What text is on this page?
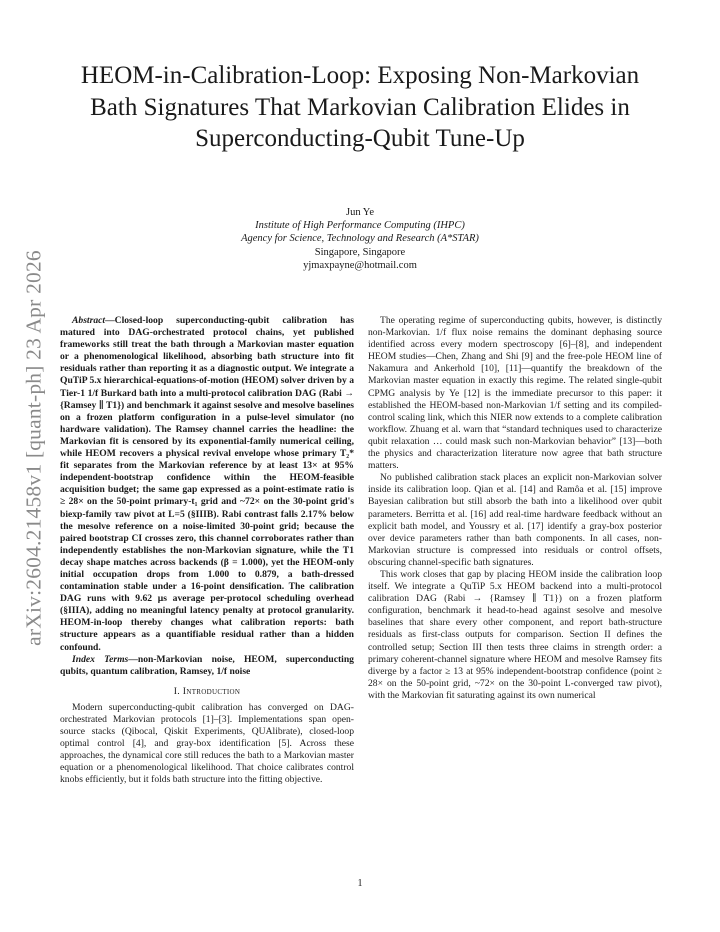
arXiv:2604.21458v1 [quant-ph] 23 Apr 2026
HEOM-in-Calibration-Loop: Exposing Non-Markovian Bath Signatures That Markovian Calibration Elides in Superconducting-Qubit Tune-Up
Jun Ye
Institute of High Performance Computing (IHPC)
Agency for Science, Technology and Research (A*STAR)
Singapore, Singapore
yjmaxpayne@hotmail.com

Abstract—Closed-loop superconducting-qubit calibration has matured into DAG-orchestrated protocol chains, yet published frameworks still treat the bath through a Markovian master equation or a phenomenological likelihood, absorbing bath structure into fit residuals rather than reporting it as a diagnostic output. We integrate a QuTiP 5.x hierarchical-equations-of-motion (HEOM) solver driven by a Tier-1 1/f Burkard bath into a multi-protocol calibration DAG (Rabi → {Ramsey ∥ T1}) and benchmark it against sesolve and mesolve baselines on a frozen platform configuration in a pulse-level simulator (no hardware validation). The Ramsey channel carries the headline: the Markovian fit is censored by its exponential-family numerical ceiling, while HEOM recovers a physical revival envelope whose primary T₂* fit separates from the Markovian reference by at least 13× at 95% independent-bootstrap confidence within the HEOM-feasible acquisition budget; the same gap expressed as a point-estimate ratio is ≥ 28× on the 50-point primary-t₁ grid and ~72× on the 30-point grid's biexp-family τaw pivot at L=5 (§IIIB). Rabi contrast falls 2.17% below the mesolve reference on a noise-limited 30-point grid; because the paired bootstrap CI crosses zero, this channel corroborates rather than independently establishes the non-Markovian signature, while the T1 decay shape matches across backends (β = 1.000), yet the HEOM-only initial occupation drops from 1.000 to 0.879, a bath-dressed contamination stable under a 16-point densification. The calibration DAG runs with 9.62 μs average per-protocol scheduling overhead (§IIIA), adding no meaningful latency penalty at protocol granularity. HEOM-in-loop thereby changes what calibration reports: bath structure appears as a quantifiable residual rather than a hidden confound.

Index Terms—non-Markovian noise, HEOM, superconducting qubits, quantum calibration, Ramsey, 1/f noise

I. Introduction

Modern superconducting-qubit calibration has converged on DAG-orchestrated Markovian protocols [1]–[3]. Implementations span open-source stacks (Qibocal, Qiskit Experiments, QUAlibrate), closed-loop optimal control [4], and gray-box identification [5]. Across these approaches, the dynamical core still reduces the bath to a Markovian master equation or a phenomenological likelihood. That choice calibrates control knobs efficiently, but it folds bath structure into the fitting objective.

The operating regime of superconducting qubits, however, is distinctly non-Markovian. 1/f flux noise remains the dominant dephasing source identified across every modern spectroscopy [6]–[8], and independent HEOM studies—Chen, Zhang and Shi [9] and the free-pole HEOM line of Nakamura and Ankerhold [10], [11]—quantify the breakdown of the Markovian master equation in exactly this regime. The related single-qubit CPMG analysis by Ye [12] is the immediate precursor to this paper: it established the HEOM-based non-Markovian 1/f setting and its compiled-control scaling link, which this NIER now extends to a complete calibration workflow. Zhuang et al. warn that “standard techniques used to characterize qubit relaxation … could mask such non-Markovian behavior” [13]—both the physics and characterization literature now agree that bath structure matters.

No published calibration stack places an explicit non-Markovian solver inside its calibration loop. Qian et al. [14] and Ramôa et al. [15] improve Bayesian calibration but still absorb the bath into a likelihood over qubit parameters. Berritta et al. [16] add real-time hardware feedback without an explicit bath model, and Youssry et al. [17] identify a gray-box posterior over device parameters rather than bath components. In all cases, non-Markovian structure is compressed into residuals or control offsets, obscuring channel-specific bath signatures.

This work closes that gap by placing HEOM inside the calibration loop itself. We integrate a QuTiP 5.x HEOM backend into a multi-protocol calibration DAG (Rabi → {Ramsey ∥ T1}) on a frozen platform configuration, benchmark it head-to-head against sesolve and mesolve baselines that share every other component, and report bath-structure residuals as first-class outputs for comparison. Section II defines the controlled setup; Section III then tests three claims in strength order: a primary coherent-channel signature where HEOM and mesolve Ramsey fits diverge by a factor ≥ 13 at 95% independent-bootstrap confidence (point ≥ 28× on the 50-point grid, ~72× on the 30-point L-converged τaw pivot), with the Markovian fit saturating against its own numerical

1
